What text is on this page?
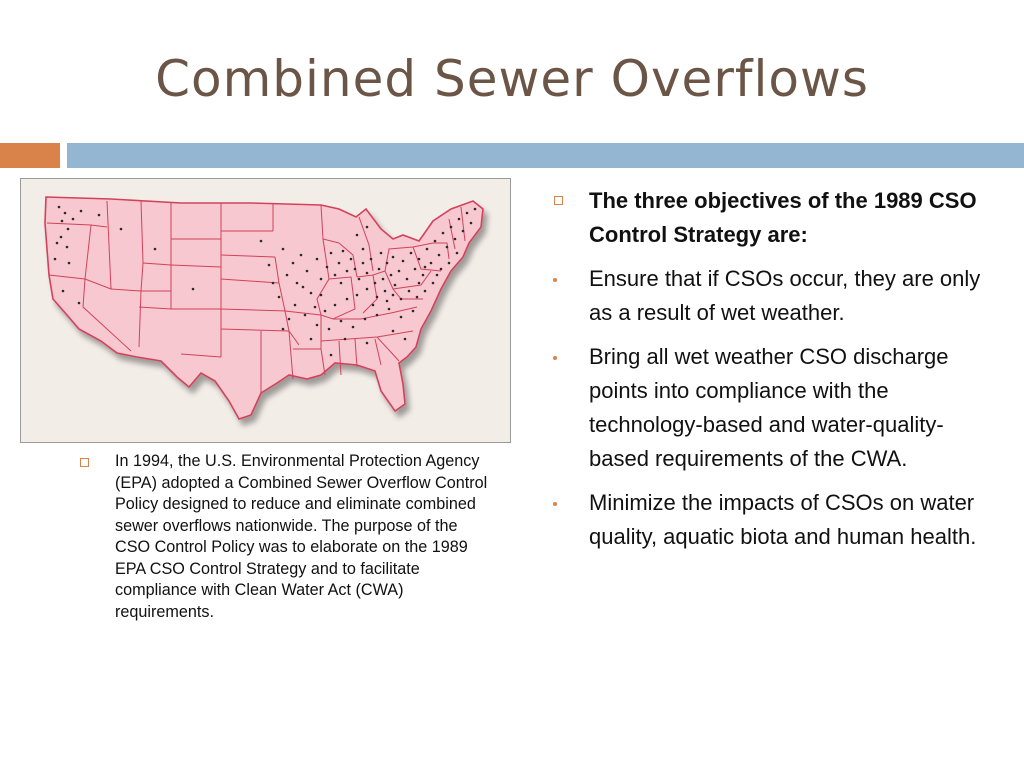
Combined Sewer Overflows

In 1994, the U.S. Environmental Protection Agency (EPA) adopted a Combined Sewer Overflow Control Policy designed to reduce and eliminate combined sewer overflows nationwide. The purpose of the CSO Control Policy was to elaborate on the 1989 EPA CSO Control Strategy and to facilitate compliance with Clean Water Act (CWA) requirements.

The three objectives of the 1989 CSO Control Strategy are:
Ensure that if CSOs occur, they are only as a result of wet weather.
Bring all wet weather CSO discharge points into compliance with the technology-based and water-quality-based requirements of the CWA.
Minimize the impacts of CSOs on water quality, aquatic biota and human health.
